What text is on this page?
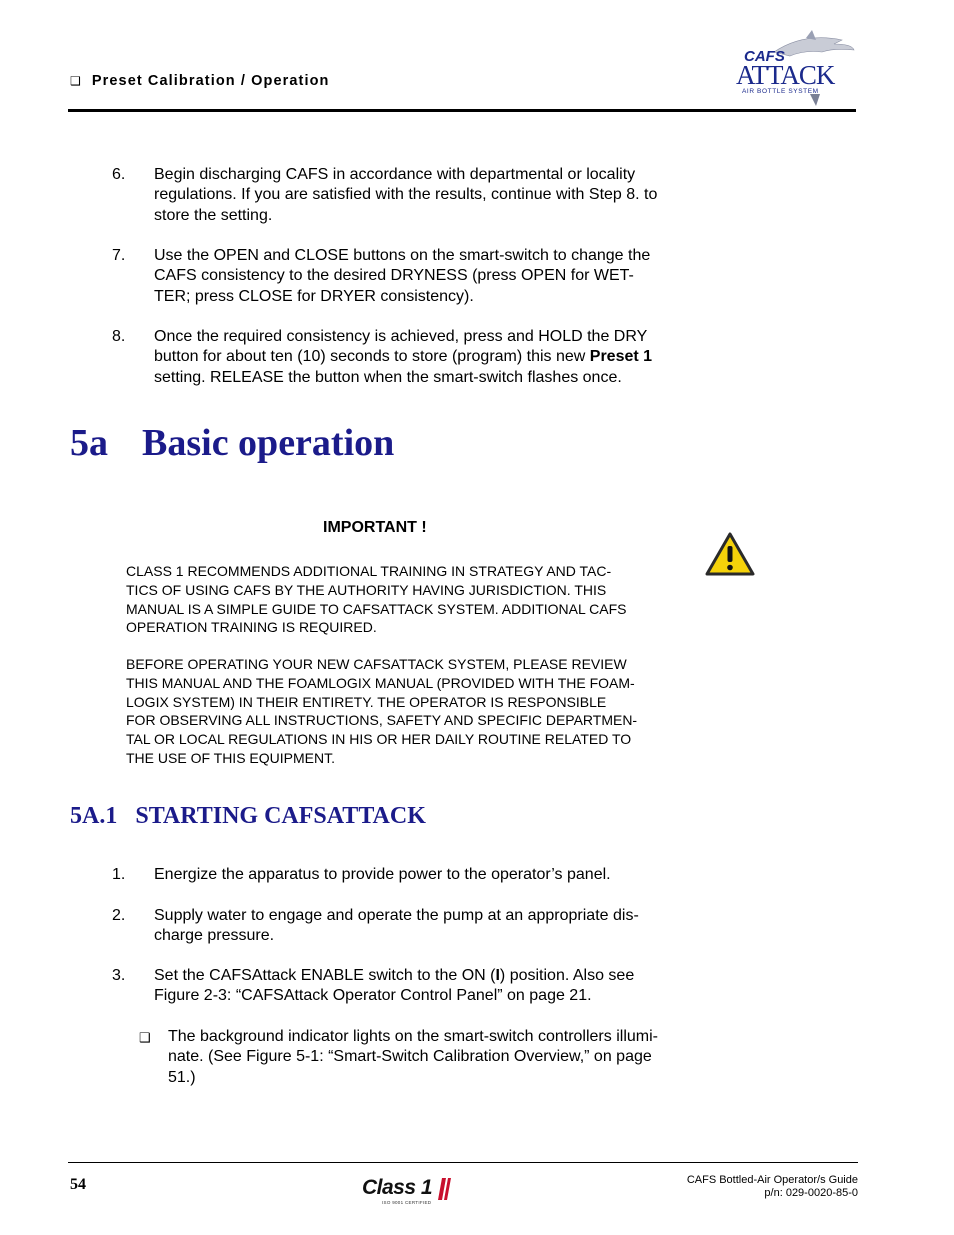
❑ Preset Calibration / Operation
CAFS
ATTACK
AIR BOTTLE SYSTEM
6. Begin discharging CAFS in accordance with departmental or locality
regulations. If you are satisfied with the results, continue with Step 8. to
store the setting.
7. Use the OPEN and CLOSE buttons on the smart-switch to change the
CAFS consistency to the desired DRYNESS (press OPEN for WET-
TER; press CLOSE for DRYER consistency).
8. Once the required consistency is achieved, press and HOLD the DRY
button for about ten (10) seconds to store (program) this new Preset 1
setting. RELEASE the button when the smart-switch flashes once.
5a Basic operation
IMPORTANT !
CLASS 1 RECOMMENDS ADDITIONAL TRAINING IN STRATEGY AND TAC-
TICS OF USING CAFS BY THE AUTHORITY HAVING JURISDICTION. THIS
MANUAL IS A SIMPLE GUIDE TO CAFSATTACK SYSTEM. ADDITIONAL CAFS
OPERATION TRAINING IS REQUIRED.
BEFORE OPERATING YOUR NEW CAFSATTACK SYSTEM, PLEASE REVIEW
THIS MANUAL AND THE FOAMLOGIX MANUAL (PROVIDED WITH THE FOAM-
LOGIX SYSTEM) IN THEIR ENTIRETY. THE OPERATOR IS RESPONSIBLE
FOR OBSERVING ALL INSTRUCTIONS, SAFETY AND SPECIFIC DEPARTMEN-
TAL OR LOCAL REGULATIONS IN HIS OR HER DAILY ROUTINE RELATED TO
THE USE OF THIS EQUIPMENT.
5A.1 STARTING CAFSATTACK
1. Energize the apparatus to provide power to the operator’s panel.
2. Supply water to engage and operate the pump at an appropriate dis-
charge pressure.
3. Set the CAFSAttack ENABLE switch to the ON (I) position. Also see
Figure 2-3: “CAFSAttack Operator Control Panel” on page 21.
❑ The background indicator lights on the smart-switch controllers illumi-
nate. (See Figure 5-1: “Smart-Switch Calibration Overview,” on page
51.)
54	Class 1
ISO 9001 CERTIFIED
CAFS Bottled-Air Operator/s Guide
p/n: 029-0020-85-0
